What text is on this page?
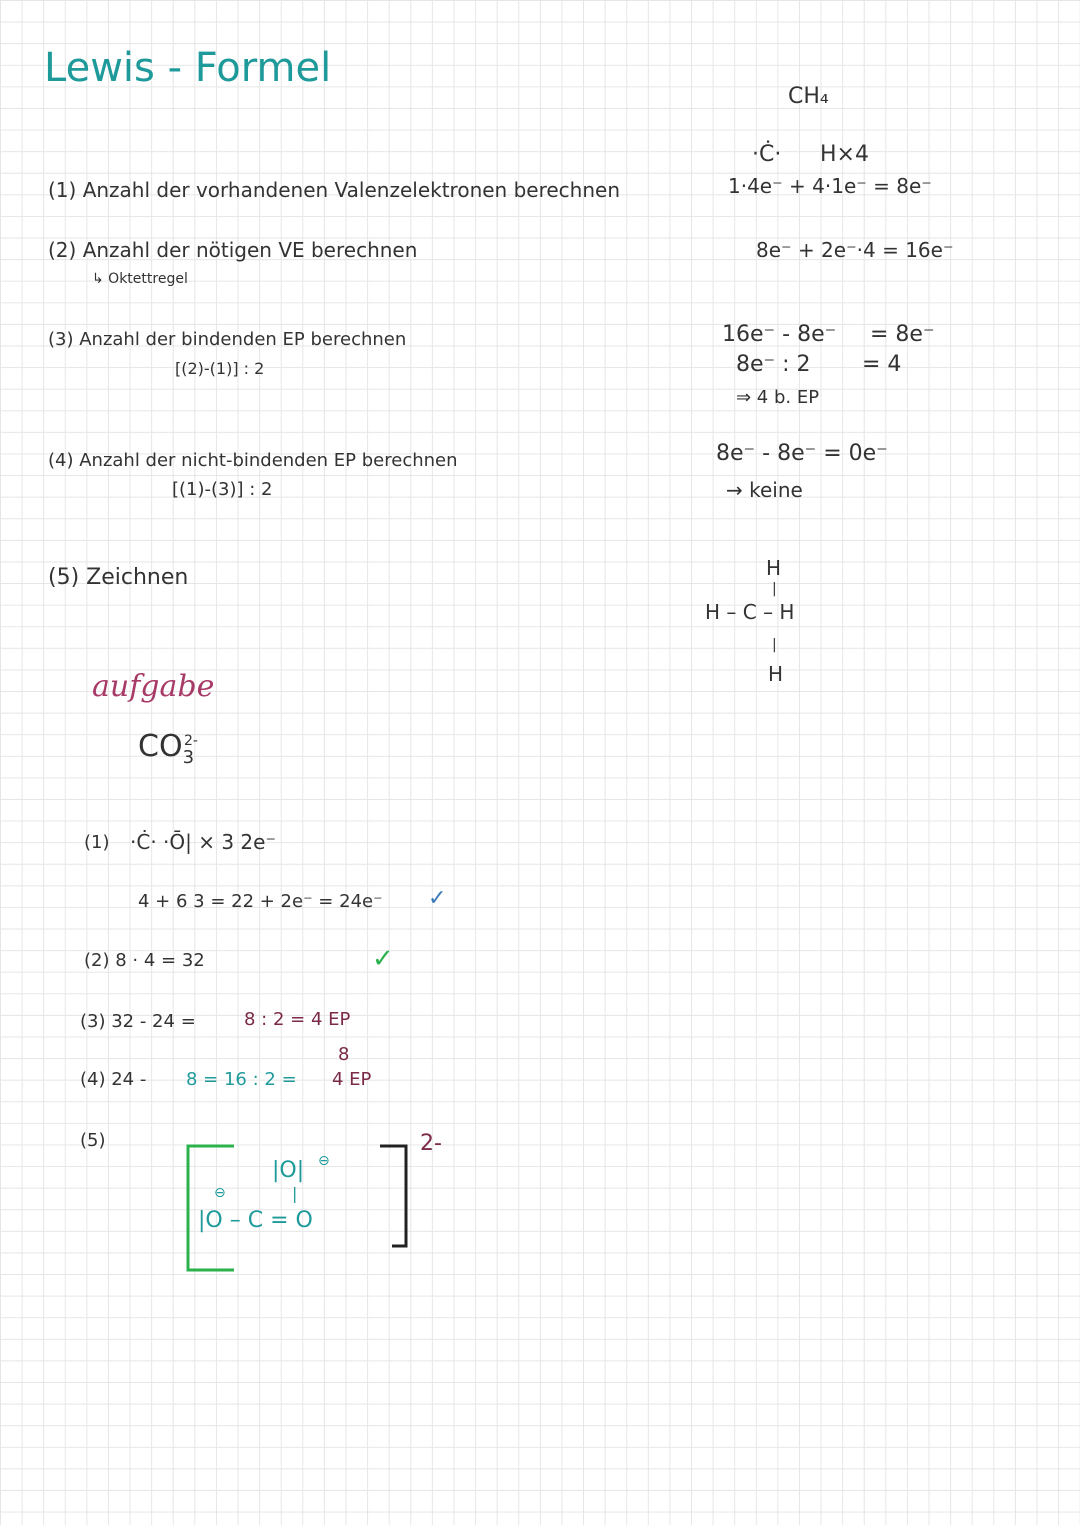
Lewis - Formel
(1) Anzahl der vorhandenen Valenzelektronen berechnen
(2) Anzahl der nötigen VE berechnen
↳ Oktettregel
(3) Anzahl der bindenden EP berechnen
[(2)-(1)] : 2
(4) Anzahl der nicht-bindenden EP berechnen
[(1)-(3)] : 2
(5) Zeichnen
CH₄
·Ċ· H×4
1·4e⁻ + 4·1e⁻ = 8e⁻
8e⁻ + 2e⁻·4 = 16e⁻
16e⁻ - 8e⁻ = 8e⁻
8e⁻ : 2 = 4
⇒ 4 b. EP
8e⁻ - 8e⁻ = 0e⁻
→ keine
H
|
H – C – H
|
H
aufgabe
$CO_3^{2-}$
(1) ·Ċ· ·Ō| × 3 2e⁻
4 + 6 3 = 22 + 2e⁻ = 24e⁻ ✓
(2) 8 · 4 = 32	✓
(3) 32 - 24 =	8 : 2 = 4 EP
8
(4) 24 - 8 = 16 : 2 = 4 EP
(5)	2-
|O| ⊖
|
⊖
|O – C = O
